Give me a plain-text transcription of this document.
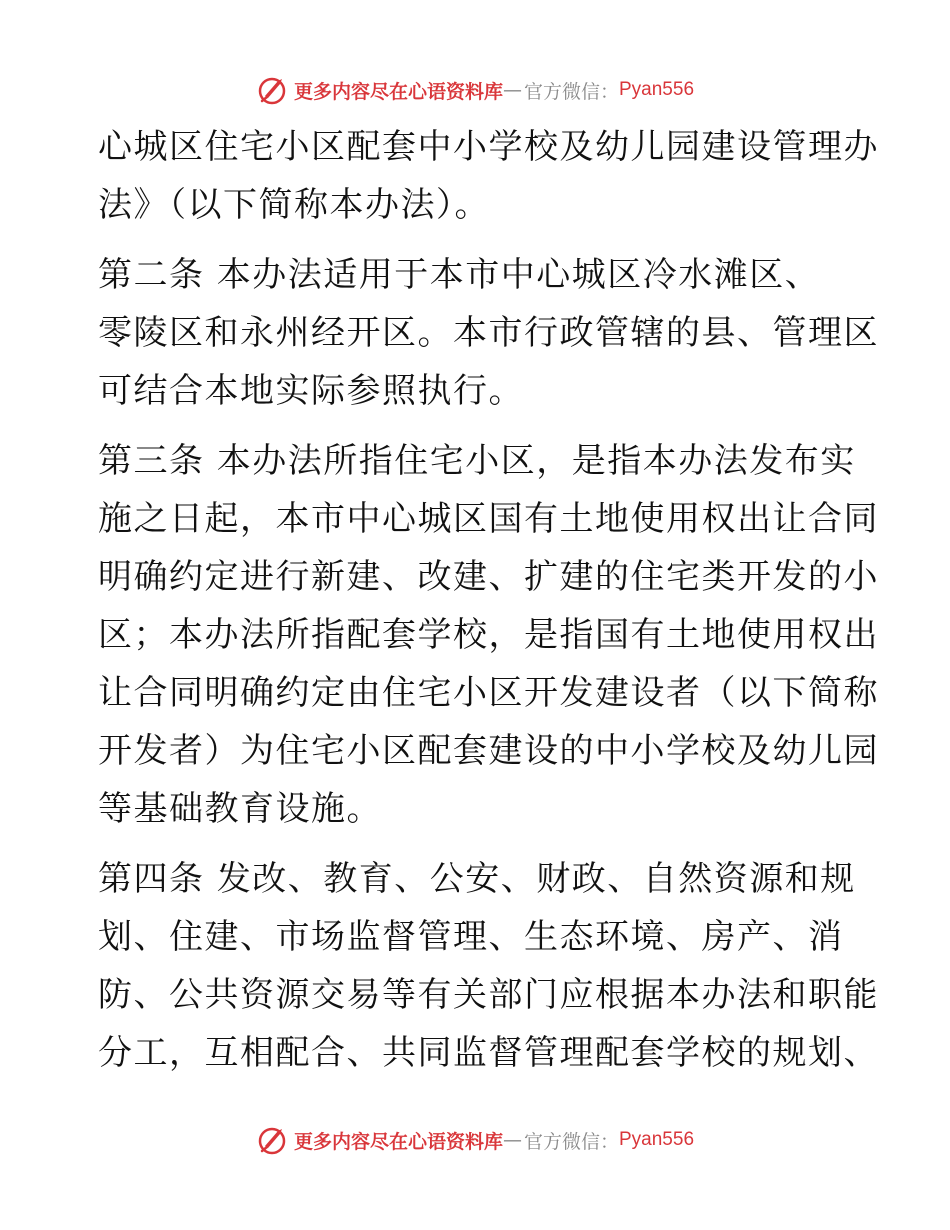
更多内容尽在心语资料库 — 官方微信： Pyan556
心城区住宅小区配套中小学校及幼儿园建设管理办
法》（以下简称本办法）。
第二条 本办法适用于本市中心城区冷水滩区、
零陵区和永州经开区。本市行政管辖的县、管理区
可结合本地实际参照执行。
第三条 本办法所指住宅小区，是指本办法发布实
施之日起，本市中心城区国有土地使用权出让合同
明确约定进行新建、改建、扩建的住宅类开发的小
区；本办法所指配套学校，是指国有土地使用权出
让合同明确约定由住宅小区开发建设者（以下简称
开发者）为住宅小区配套建设的中小学校及幼儿园
等基础教育设施。
第四条 发改、教育、公安、财政、自然资源和规
划、住建、市场监督管理、生态环境、房产、消
防、公共资源交易等有关部门应根据本办法和职能
分工，互相配合、共同监督管理配套学校的规划、
更多内容尽在心语资料库 — 官方微信： Pyan556
